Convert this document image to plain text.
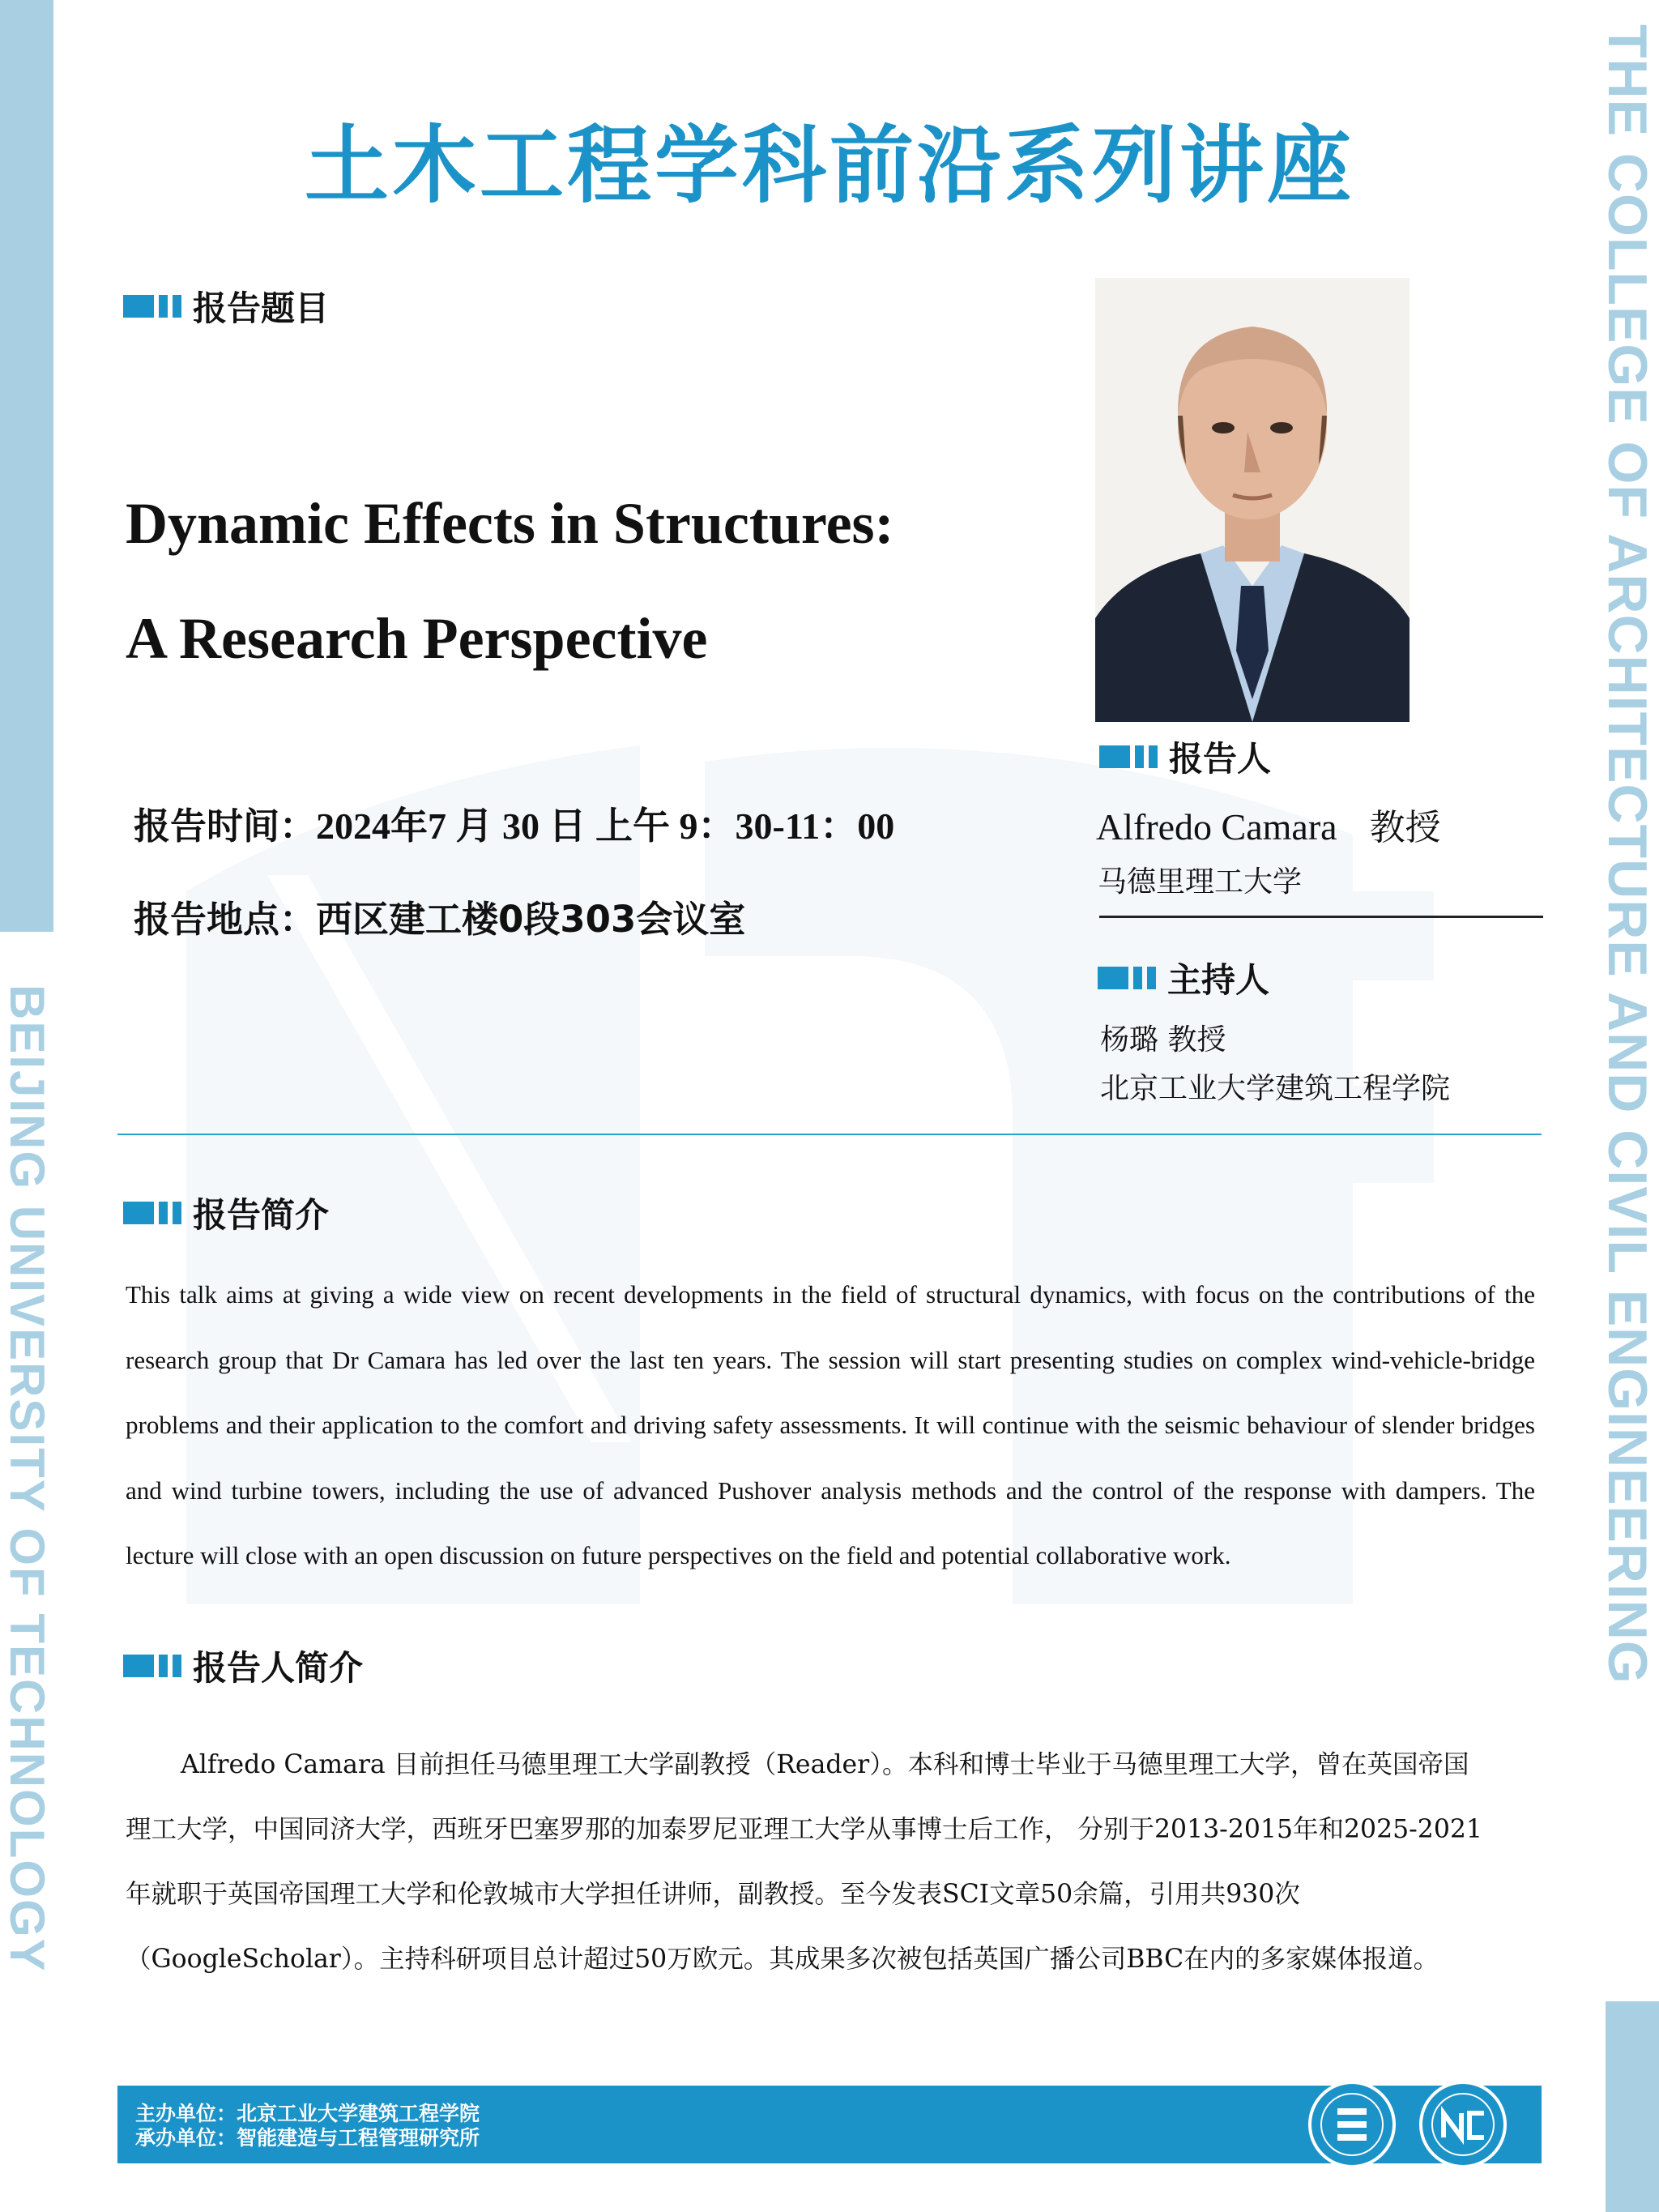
BEIJING UNIVERSITY OF TECHNOLOGY	THE COLLEGE OF ARCHITECTURE AND CIVIL ENGINEERING
土木工程学科前沿系列讲座
报告题目
Dynamic Effects in Structures:
A Research Perspective
报告时间：2024年7 月 30 日 上午 9：30-11：00
报告地点：西区建工楼0段303会议室
报告人
Alfredo Camara 教授
马德里理工大学
主持人
杨璐 教授
北京工业大学建筑工程学院
报告简介
This talk aims at giving a wide view on recent developments in the field of structural dynamics, with focus on the contributions of the research group that Dr Camara has led over the last ten years. The session will start presenting studies on complex wind-vehicle-bridge problems and their application to the comfort and driving safety assessments. It will continue with the seismic behaviour of slender bridges and wind turbine towers, including the use of advanced Pushover analysis methods and the control of the response with dampers. The lecture will close with an open discussion on future perspectives on the field and potential collaborative work.
报告人简介
Alfredo Camara 目前担任马德里理工大学副教授（Reader）。本科和博士毕业于马德里理工大学，曾在英国帝国
理工大学，中国同济大学，西班牙巴塞罗那的加泰罗尼亚理工大学从事博士后工作， 分别于2013-2015年和2025-2021
年就职于英国帝国理工大学和伦敦城市大学担任讲师，副教授。至今发表SCI文章50余篇，引用共930次
（GoogleScholar）。主持科研项目总计超过50万欧元。其成果多次被包括英国广播公司BBC在内的多家媒体报道。
主办单位：北京工业大学建筑工程学院
承办单位：智能建造与工程管理研究所
